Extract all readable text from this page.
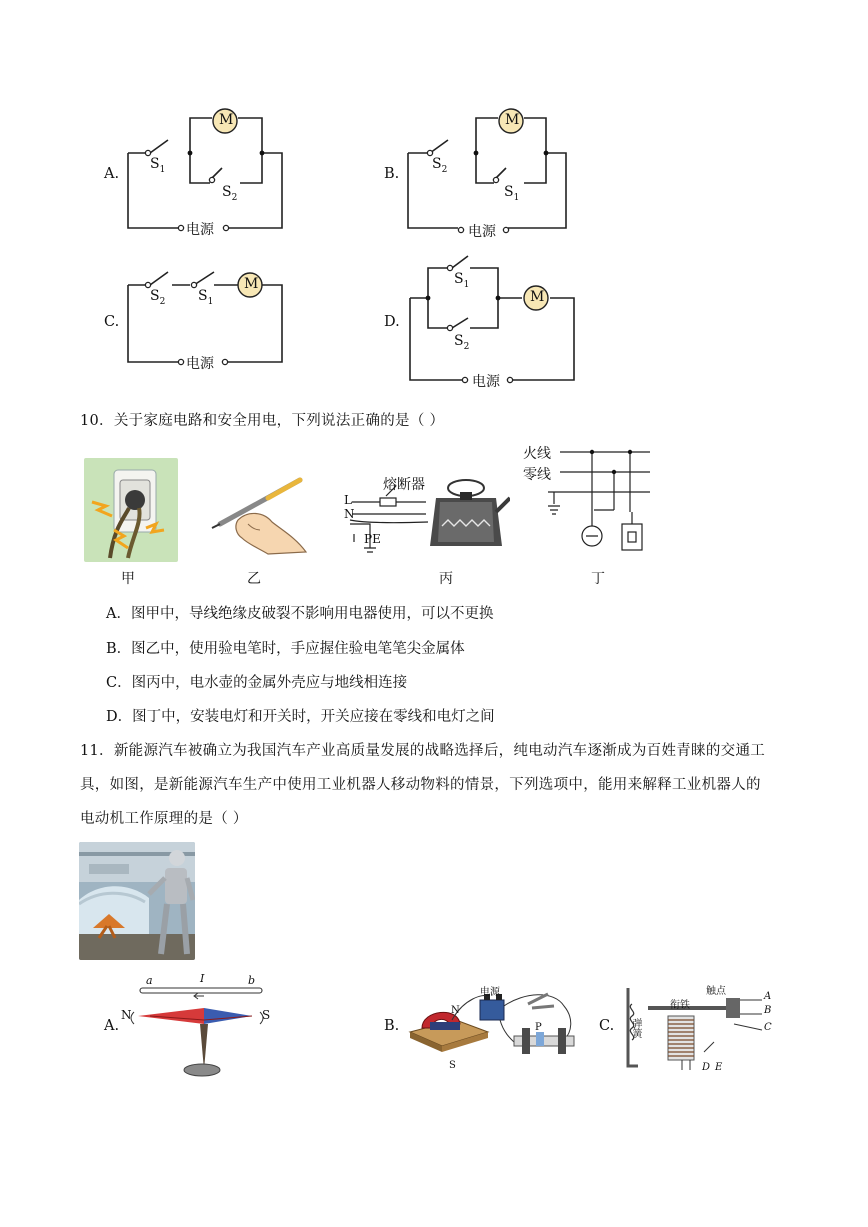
A.
M
$S_1$
$S_2$
电源
B.
M
$S_2$
$S_1$
电源
C.
M
$S_2$ $S_1$
电源
D.
M
$S_1$
$S_2$
电源
10．关于家庭电路和安全用电，下列说法正确的是（ ）
甲	乙
熔断器
L
N
PE
丙
火线
零线
丁
A．图甲中，导线绝缘皮破裂不影响用电器使用，可以不更换
B．图乙中，使用验电笔时，手应握住验电笔笔尖金属体
C．图丙中，电水壶的金属外壳应与地线相连接
D．图丁中，安装电灯和开关时，开关应接在零线和电灯之间
11．新能源汽车被确立为我国汽车产业高质量发展的战略选择后，纯电动汽车逐渐成为百姓青睐的交通工
具，如图，是新能源汽车生产中使用工业机器人移动物料的情景，下列选项中，能用来解释工业机器人的
电动机工作原理的是（ ）
A.
a	b
I
N	S
B.
电源
N
S
P	C.
触点
衔铁
弹簧
A
B
C
D E
